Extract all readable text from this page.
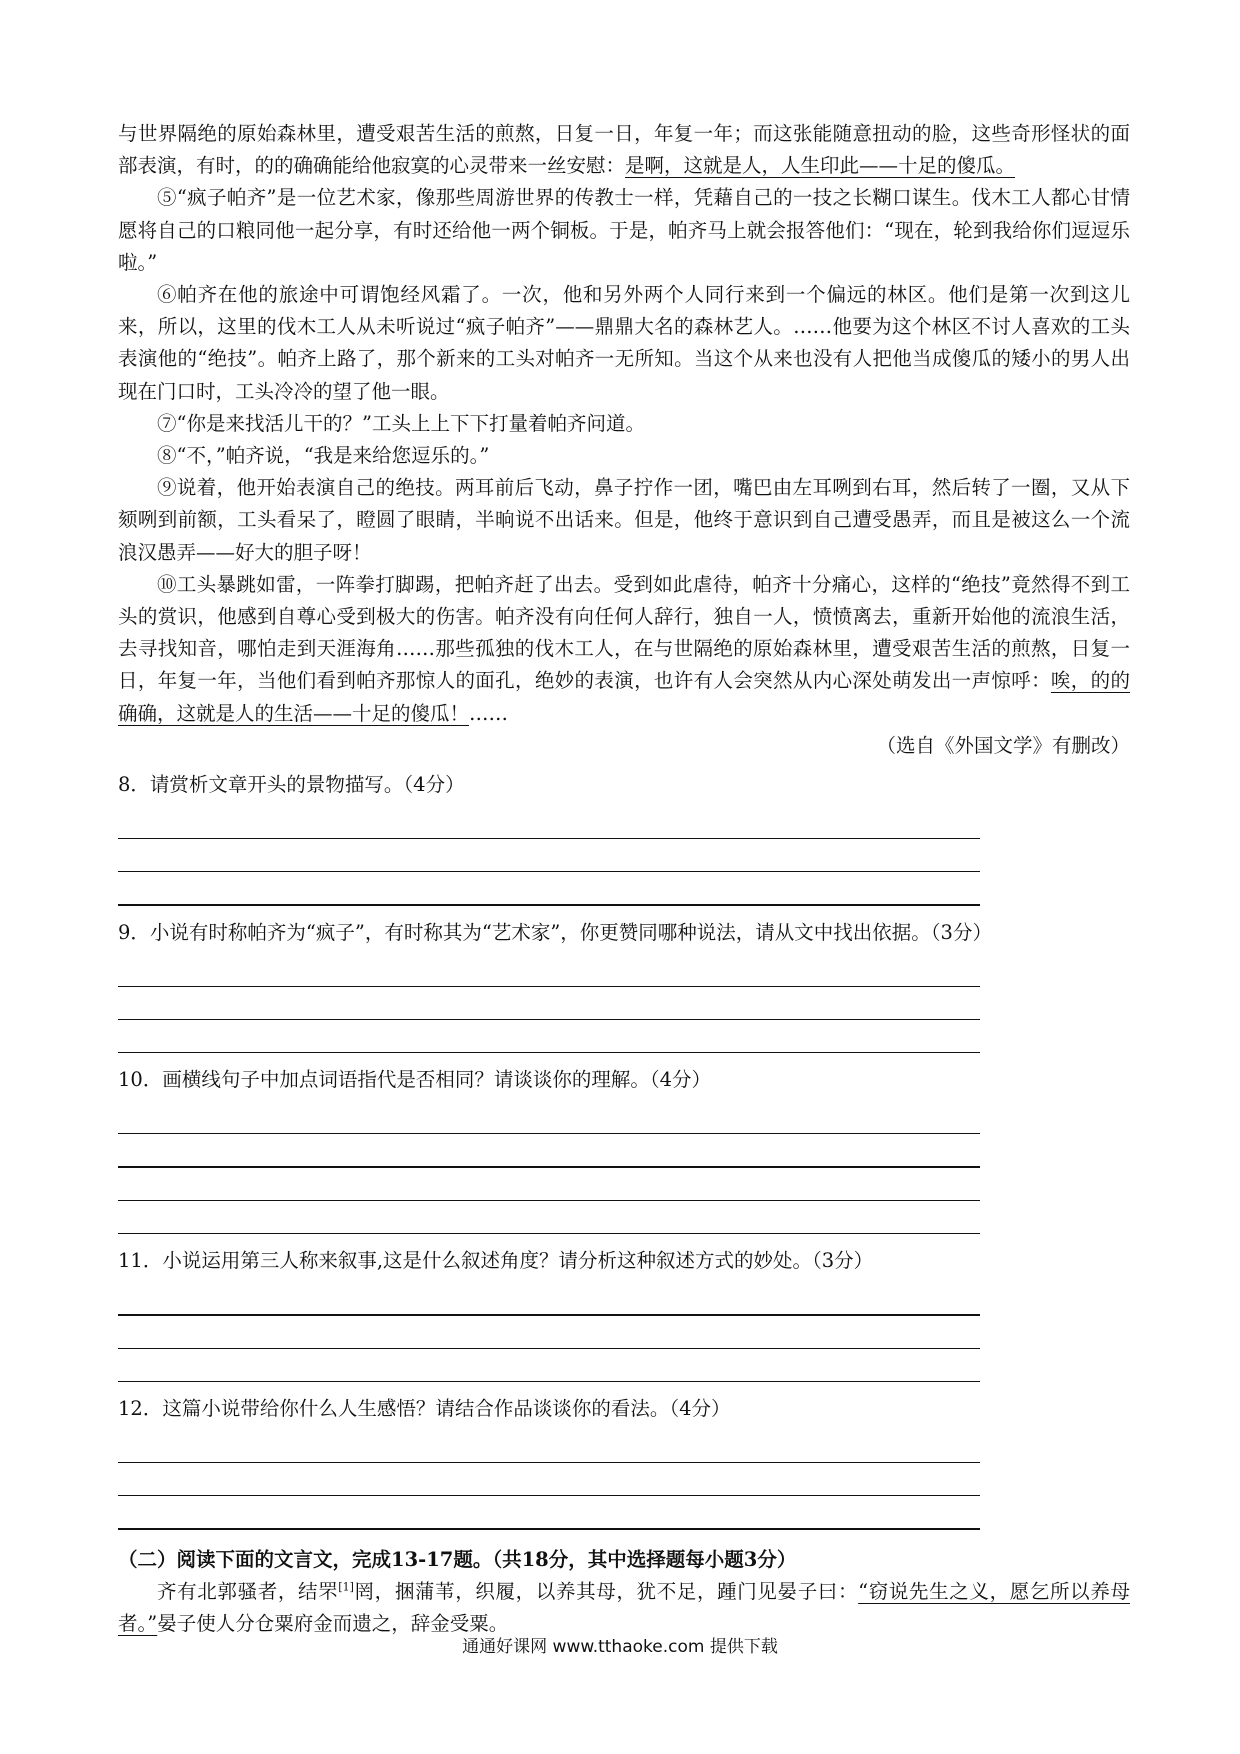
与世界隔绝的原始森林里，遭受艰苦生活的煎熬，日复一日，年复一年；而这张能随意扭动的脸，这些奇形怪状的面部表演，有时，的的确确能给他寂寞的心灵带来一丝安慰：是啊，这就是人，人生印此——十足的傻瓜。

⑤“疯子帕齐”是一位艺术家，像那些周游世界的传教士一样，凭藉自己的一技之长糊口谋生。伐木工人都心甘情愿将自己的口粮同他一起分享，有时还给他一两个铜板。于是，帕齐马上就会报答他们：“现在，轮到我给你们逗逗乐啦。”

⑥帕齐在他的旅途中可谓饱经风霜了。一次，他和另外两个人同行来到一个偏远的林区。他们是第一次到这儿来，所以，这里的伐木工人从未听说过“疯子帕齐”——鼎鼎大名的森林艺人。……他要为这个林区不讨人喜欢的工头表演他的“绝技”。帕齐上路了，那个新来的工头对帕齐一无所知。当这个从来也没有人把他当成傻瓜的矮小的男人出现在门口时，工头冷冷的望了他一眼。

⑦“你是来找活儿干的？”工头上上下下打量着帕齐问道。

⑧“不，”帕齐说，“我是来给您逗乐的。”

⑨说着，他开始表演自己的绝技。两耳前后飞动，鼻子拧作一团，嘴巴由左耳咧到右耳，然后转了一圈，又从下颏咧到前额，工头看呆了，瞪圆了眼睛，半晌说不出话来。但是，他终于意识到自己遭受愚弄，而且是被这么一个流浪汉愚弄——好大的胆子呀！

⑩工头暴跳如雷，一阵拳打脚踢，把帕齐赶了出去。受到如此虐待，帕齐十分痛心，这样的“绝技”竟然得不到工头的赏识，他感到自尊心受到极大的伤害。帕齐没有向任何人辞行，独自一人，愤愤离去，重新开始他的流浪生活，去寻找知音，哪怕走到天涯海角……那些孤独的伐木工人，在与世隔绝的原始森林里，遭受艰苦生活的煎熬，日复一日，年复一年，当他们看到帕齐那惊人的面孔，绝妙的表演，也许有人会突然从内心深处萌发出一声惊呼：唉，的的确确，这就是人的生活——十足的傻瓜！……

（选自《外国文学》有删改）

8．请赏析文章开头的景物描写。（4分）

9．小说有时称帕齐为“疯子”，有时称其为“艺术家”，你更赞同哪种说法，请从文中找出依据。（3分）

10．画横线句子中加点词语指代是否相同？请谈谈你的理解。（4分）

11．小说运用第三人称来叙事,这是什么叙述角度？请分析这种叙述方式的妙处。（3分）

12．这篇小说带给你什么人生感悟？请结合作品谈谈你的看法。（4分）

（二）阅读下面的文言文，完成13-17题。（共18分，其中选择题每小题3分）

齐有北郭骚者，结罘[1]罔，捆蒲苇，织履，以养其母，犹不足，踵门见晏子曰：“窃说先生之义，愿乞所以养母者。”晏子使人分仓粟府金而遗之，辞金受粟。

通通好课网 www.tthaoke.com 提供下载
